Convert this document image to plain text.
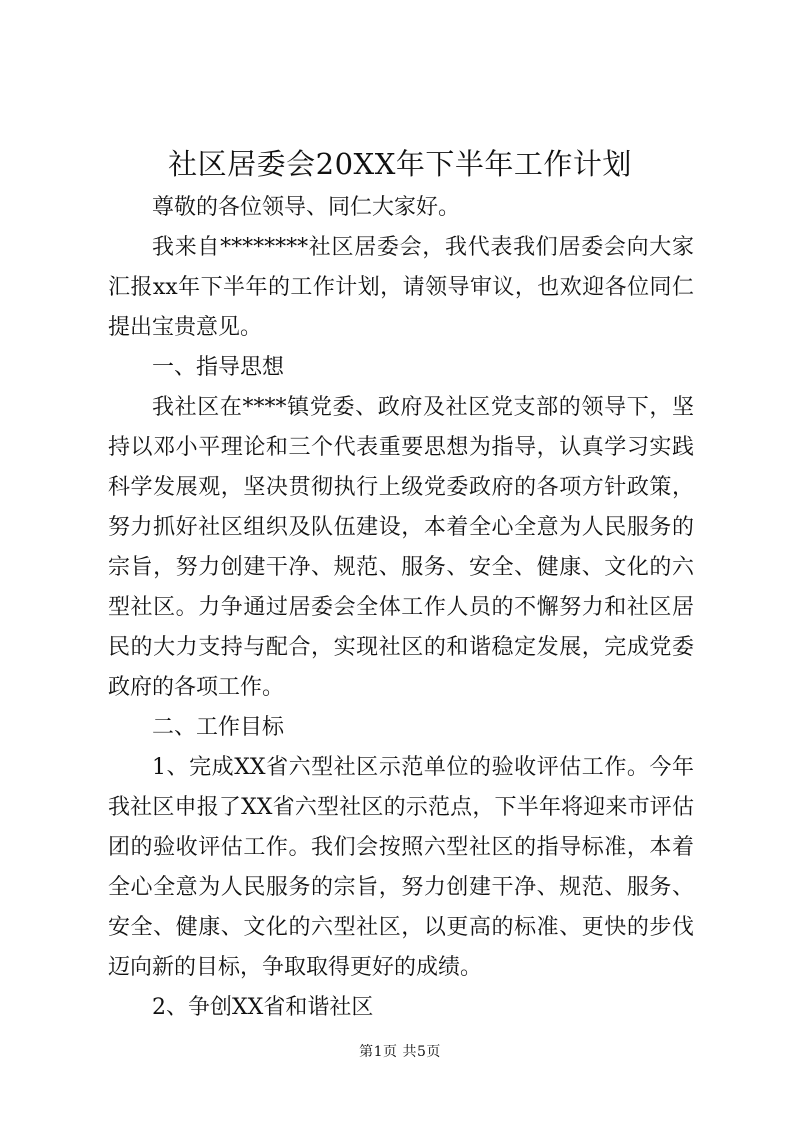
社区居委会20XX年下半年工作计划

尊敬的各位领导、同仁大家好。

我来自********社区居委会，我代表我们居委会向大家汇报xx年下半年的工作计划，请领导审议，也欢迎各位同仁提出宝贵意见。

一、指导思想

我社区在****镇党委、政府及社区党支部的领导下，坚持以邓小平理论和三个代表重要思想为指导，认真学习实践科学发展观，坚决贯彻执行上级党委政府的各项方针政策，努力抓好社区组织及队伍建设，本着全心全意为人民服务的宗旨，努力创建干净、规范、服务、安全、健康、文化的六型社区。力争通过居委会全体工作人员的不懈努力和社区居民的大力支持与配合，实现社区的和谐稳定发展，完成党委政府的各项工作。

二、工作目标

1、完成XX省六型社区示范单位的验收评估工作。今年我社区申报了XX省六型社区的示范点，下半年将迎来市评估团的验收评估工作。我们会按照六型社区的指导标准，本着全心全意为人民服务的宗旨，努力创建干净、规范、服务、安全、健康、文化的六型社区，以更高的标准、更快的步伐迈向新的目标，争取取得更好的成绩。

2、争创XX省和谐社区

第1页 共5页
